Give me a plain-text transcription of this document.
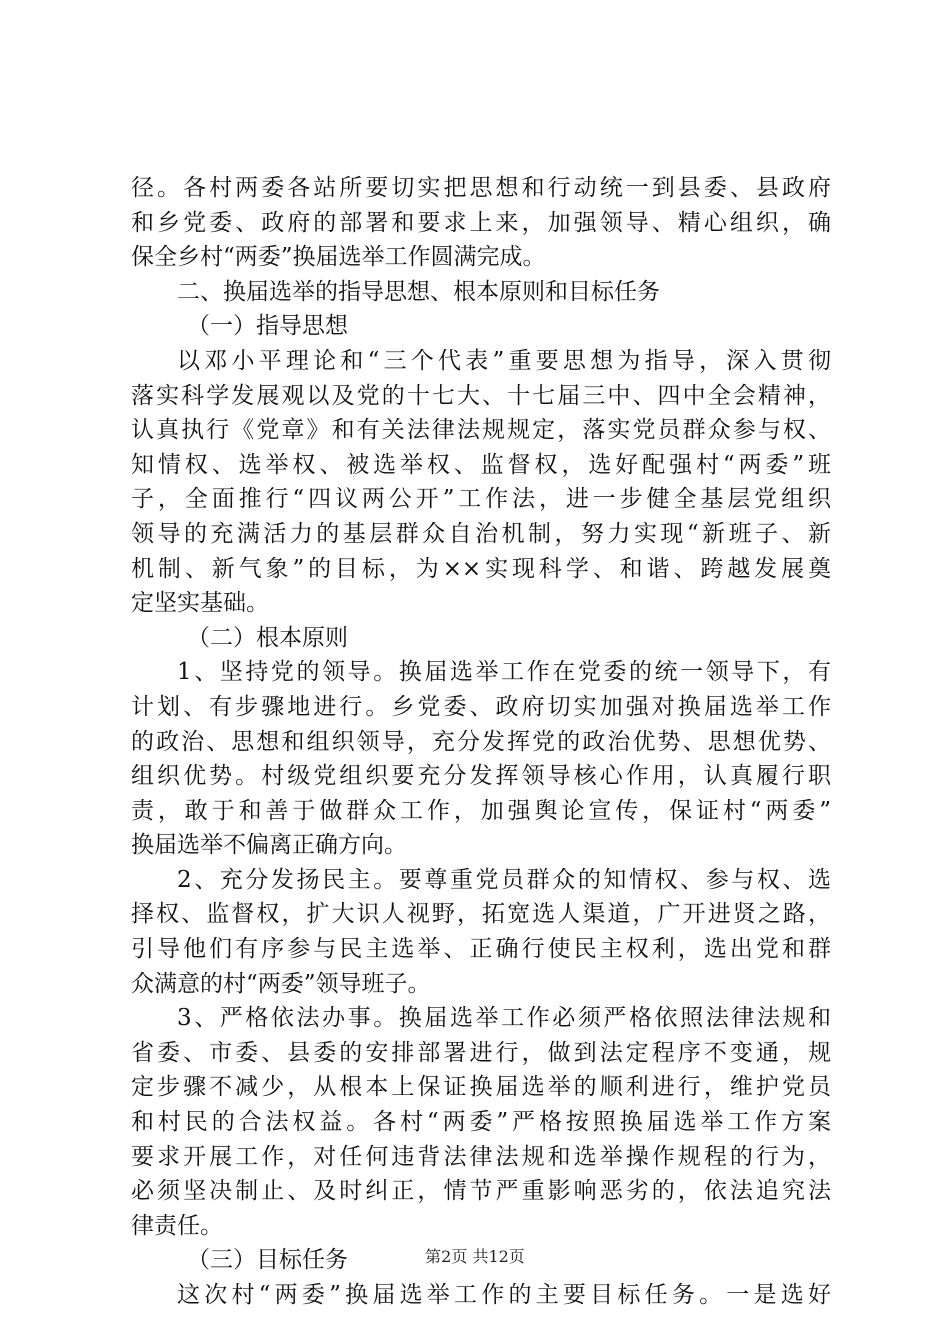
径。各村两委各站所要切实把思想和行动统一到县委、县政府
和乡党委、政府的部署和要求上来，加强领导、精心组织，确
保全乡村“两委”换届选举工作圆满完成。
二、换届选举的指导思想、根本原则和目标任务
（一）指导思想
以邓小平理论和“三个代表”重要思想为指导，深入贯彻
落实科学发展观以及党的十七大、十七届三中、四中全会精神，
认真执行《党章》和有关法律法规规定，落实党员群众参与权、
知情权、选举权、被选举权、监督权，选好配强村“两委”班
子，全面推行“四议两公开”工作法，进一步健全基层党组织
领导的充满活力的基层群众自治机制，努力实现“新班子、新
机制、新气象”的目标，为××实现科学、和谐、跨越发展奠
定坚实基础。
（二）根本原则
1、坚持党的领导。换届选举工作在党委的统一领导下，有
计划、有步骤地进行。乡党委、政府切实加强对换届选举工作
的政治、思想和组织领导，充分发挥党的政治优势、思想优势、
组织优势。村级党组织要充分发挥领导核心作用，认真履行职
责，敢于和善于做群众工作，加强舆论宣传，保证村“两委”
换届选举不偏离正确方向。
2、充分发扬民主。要尊重党员群众的知情权、参与权、选
择权、监督权，扩大识人视野，拓宽选人渠道，广开进贤之路，
引导他们有序参与民主选举、正确行使民主权利，选出党和群
众满意的村“两委”领导班子。
3、严格依法办事。换届选举工作必须严格依照法律法规和
省委、市委、县委的安排部署进行，做到法定程序不变通，规
定步骤不减少，从根本上保证换届选举的顺利进行，维护党员
和村民的合法权益。各村“两委”严格按照换届选举工作方案
要求开展工作，对任何违背法律法规和选举操作规程的行为，
必须坚决制止、及时纠正，情节严重影响恶劣的，依法追究法
律责任。
（三）目标任务
这次村“两委”换届选举工作的主要目标任务。一是选好
第2页 共12页
